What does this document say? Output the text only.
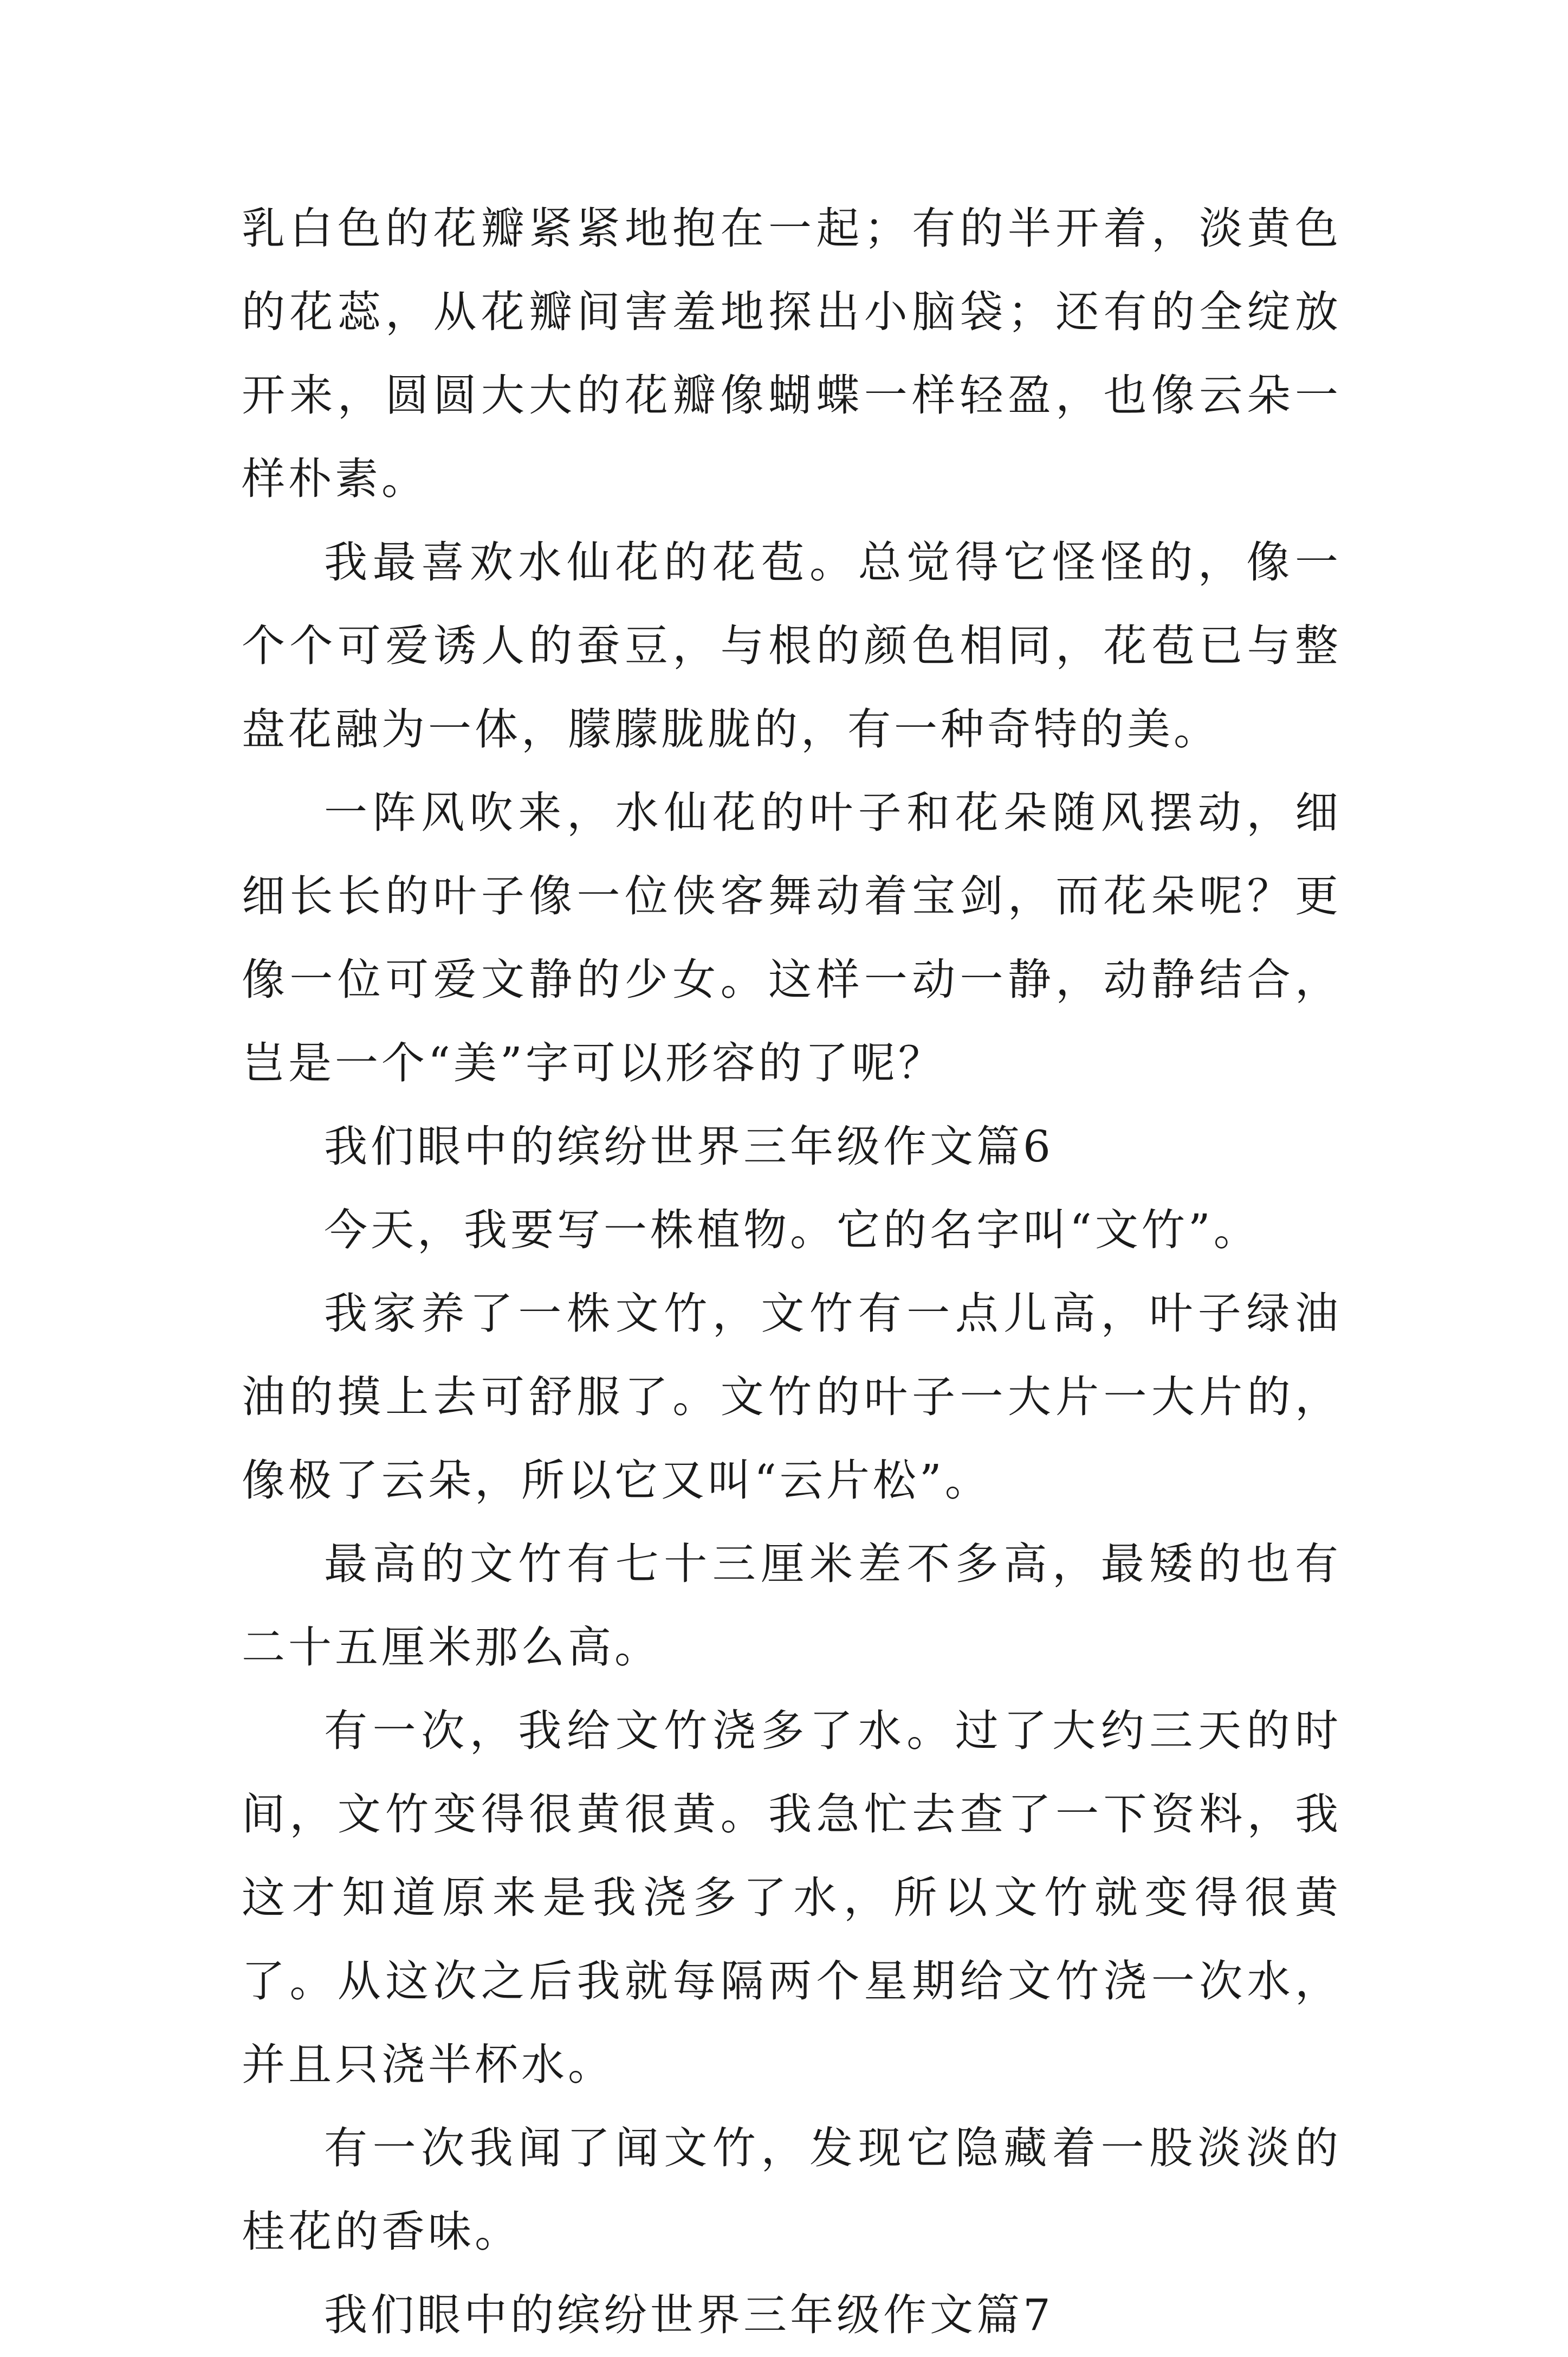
乳白色的花瓣紧紧地抱在一起；有的半开着，淡黄色的花蕊，从花瓣间害羞地探出小脑袋；还有的全绽放开来，圆圆大大的花瓣像蝴蝶一样轻盈，也像云朵一样朴素。

我最喜欢水仙花的花苞。总觉得它怪怪的，像一个个可爱诱人的蚕豆，与根的颜色相同，花苞已与整盘花融为一体，朦朦胧胧的，有一种奇特的美。

一阵风吹来，水仙花的叶子和花朵随风摆动，细细长长的叶子像一位侠客舞动着宝剑，而花朵呢？更像一位可爱文静的少女。这样一动一静，动静结合，岂是一个“美”字可以形容的了呢？

我们眼中的缤纷世界三年级作文篇6

今天，我要写一株植物。它的名字叫“文竹”。

我家养了一株文竹，文竹有一点儿高，叶子绿油油的摸上去可舒服了。文竹的叶子一大片一大片的，像极了云朵，所以它又叫“云片松”。

最高的文竹有七十三厘米差不多高，最矮的也有二十五厘米那么高。

有一次，我给文竹浇多了水。过了大约三天的时间，文竹变得很黄很黄。我急忙去查了一下资料，我这才知道原来是我浇多了水，所以文竹就变得很黄了。从这次之后我就每隔两个星期给文竹浇一次水，并且只浇半杯水。

有一次我闻了闻文竹，发现它隐藏着一股淡淡的桂花的香味。

我们眼中的缤纷世界三年级作文篇7
